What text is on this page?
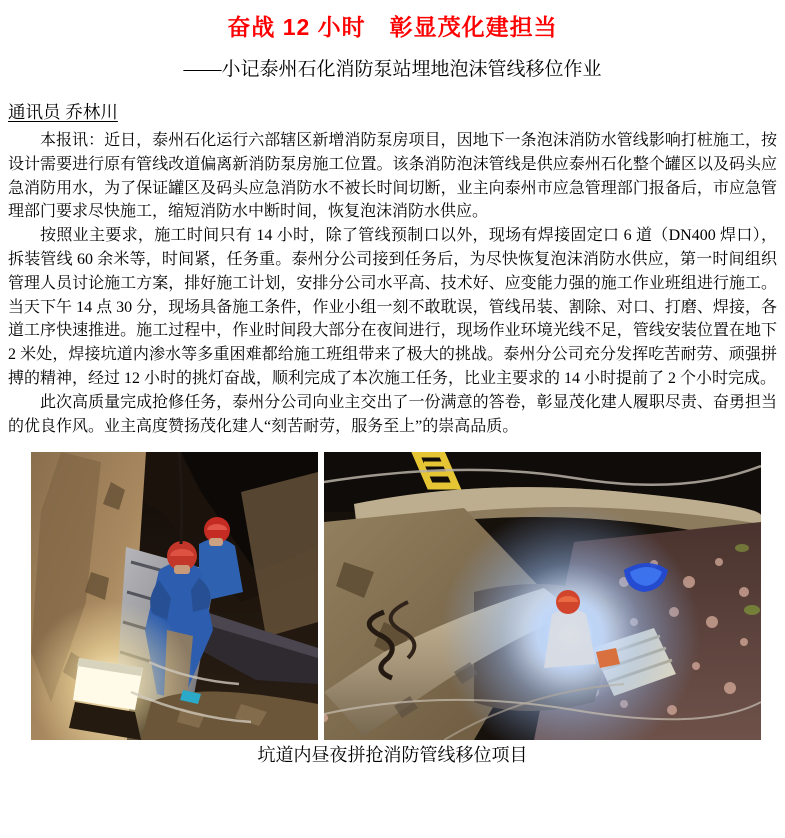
奋战 12 小时　彰显茂化建担当
——小记泰州石化消防泵站埋地泡沫管线移位作业
通讯员 乔林川

本报讯：近日，泰州石化运行六部辖区新增消防泵房项目，因地下一条泡沫消防水管线影响打桩施工，按设计需要进行原有管线改道偏离新消防泵房施工位置。该条消防泡沫管线是供应泰州石化整个罐区以及码头应急消防用水，为了保证罐区及码头应急消防水不被长时间切断，业主向泰州市应急管理部门报备后，市应急管理部门要求尽快施工，缩短消防水中断时间，恢复泡沫消防水供应。

按照业主要求，施工时间只有 14 小时，除了管线预制口以外，现场有焊接固定口 6 道（DN400 焊口），拆装管线 60 余米等，时间紧，任务重。泰州分公司接到任务后，为尽快恢复泡沫消防水供应，第一时间组织管理人员讨论施工方案，排好施工计划，安排分公司水平高、技术好、应变能力强的施工作业班组进行施工。当天下午 14 点 30 分，现场具备施工条件，作业小组一刻不敢耽误，管线吊装、割除、对口、打磨、焊接，各道工序快速推进。施工过程中，作业时间段大部分在夜间进行，现场作业环境光线不足，管线安装位置在地下 2 米处，焊接坑道内渗水等多重困难都给施工班组带来了极大的挑战。泰州分公司充分发挥吃苦耐劳、顽强拼搏的精神，经过 12 小时的挑灯奋战，顺利完成了本次施工任务，比业主要求的 14 小时提前了 2 个小时完成。

此次高质量完成抢修任务，泰州分公司向业主交出了一份满意的答卷，彰显茂化建人履职尽责、奋勇担当的优良作风。业主高度赞扬茂化建人“刻苦耐劳，服务至上”的崇高品质。

坑道内昼夜拼抢消防管线移位项目
